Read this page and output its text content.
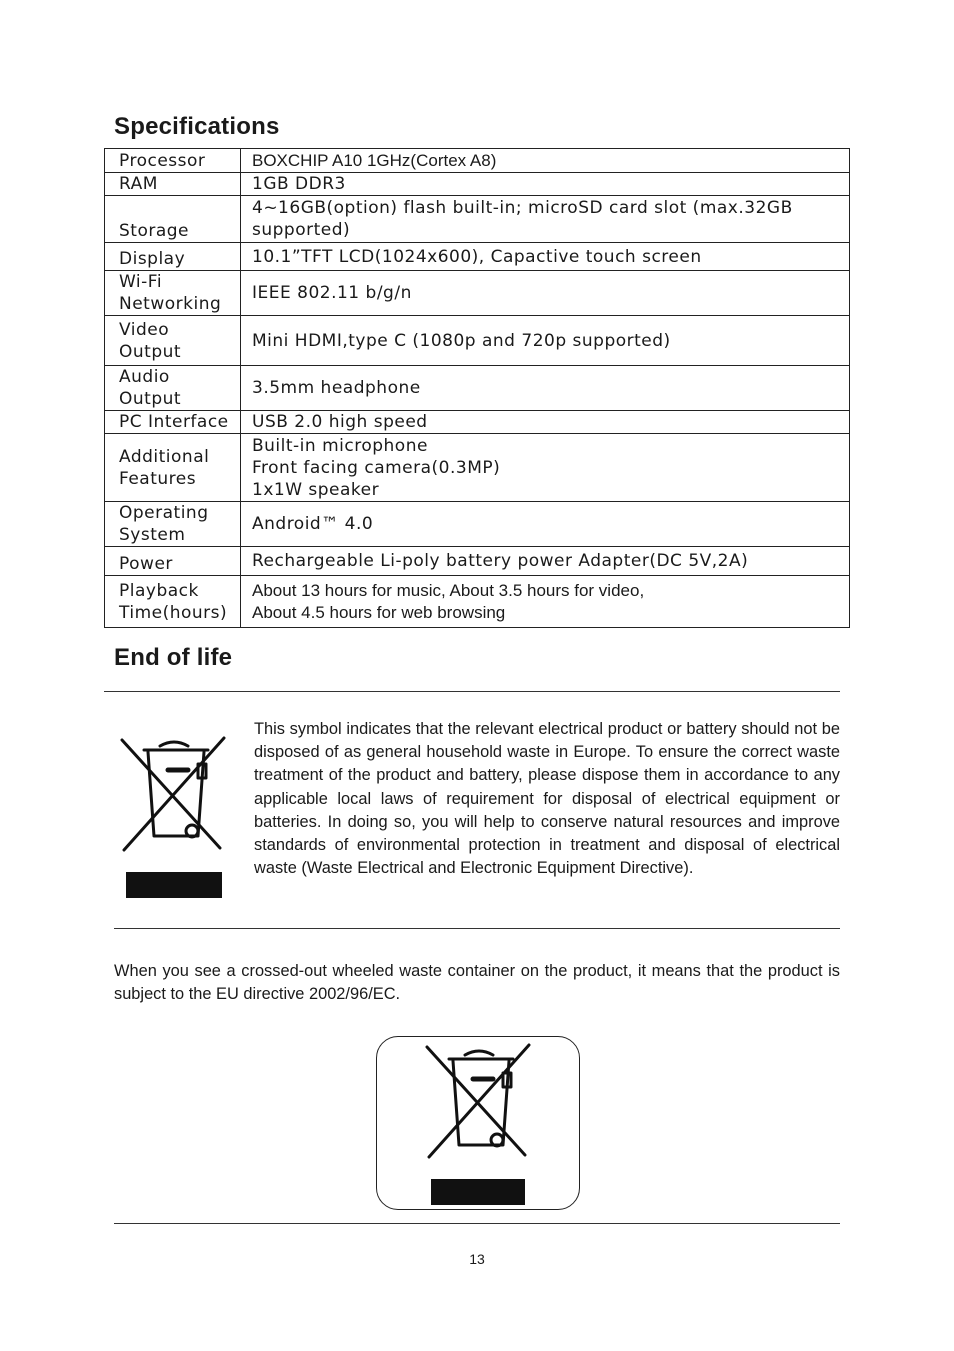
Specifications
Processor	BOXCHIP A10 1GHz(Cortex A8)
RAM	1GB DDR3
Storage	4~16GB(option) flash built-in; microSD card slot (max.32GB supported)
Display	10.1”TFT LCD(1024x600), Capactive touch screen
Wi-Fi Networking	IEEE 802.11 b/g/n
Video Output	Mini HDMI,type C (1080p and 720p supported)
Audio Output	3.5mm headphone
PC Interface	USB 2.0 high speed
Additional Features	Built-in microphone
Front facing camera(0.3MP)
1x1W speaker

Operating System	Android™ 4.0
Power	Rechargeable Li-poly battery power Adapter(DC 5V,2A)
Playback Time(hours)	About 13 hours for music, About 3.5 hours for video,
About 4.5 hours for web browsing
End of life

This symbol indicates that the relevant electrical product or battery should not be disposed of as general household waste in Europe. To ensure the correct waste treatment of the product and battery, please dispose them in accordance to any applicable local laws of requirement for disposal of electrical equipment or batteries. In doing so, you will help to conserve natural resources and improve standards of environmental protection in treatment and disposal of electrical waste (Waste Electrical and Electronic Equipment Directive).

When you see a crossed-out wheeled waste container on the product, it means that the product is subject to the EU directive 2002/96/EC.

13
